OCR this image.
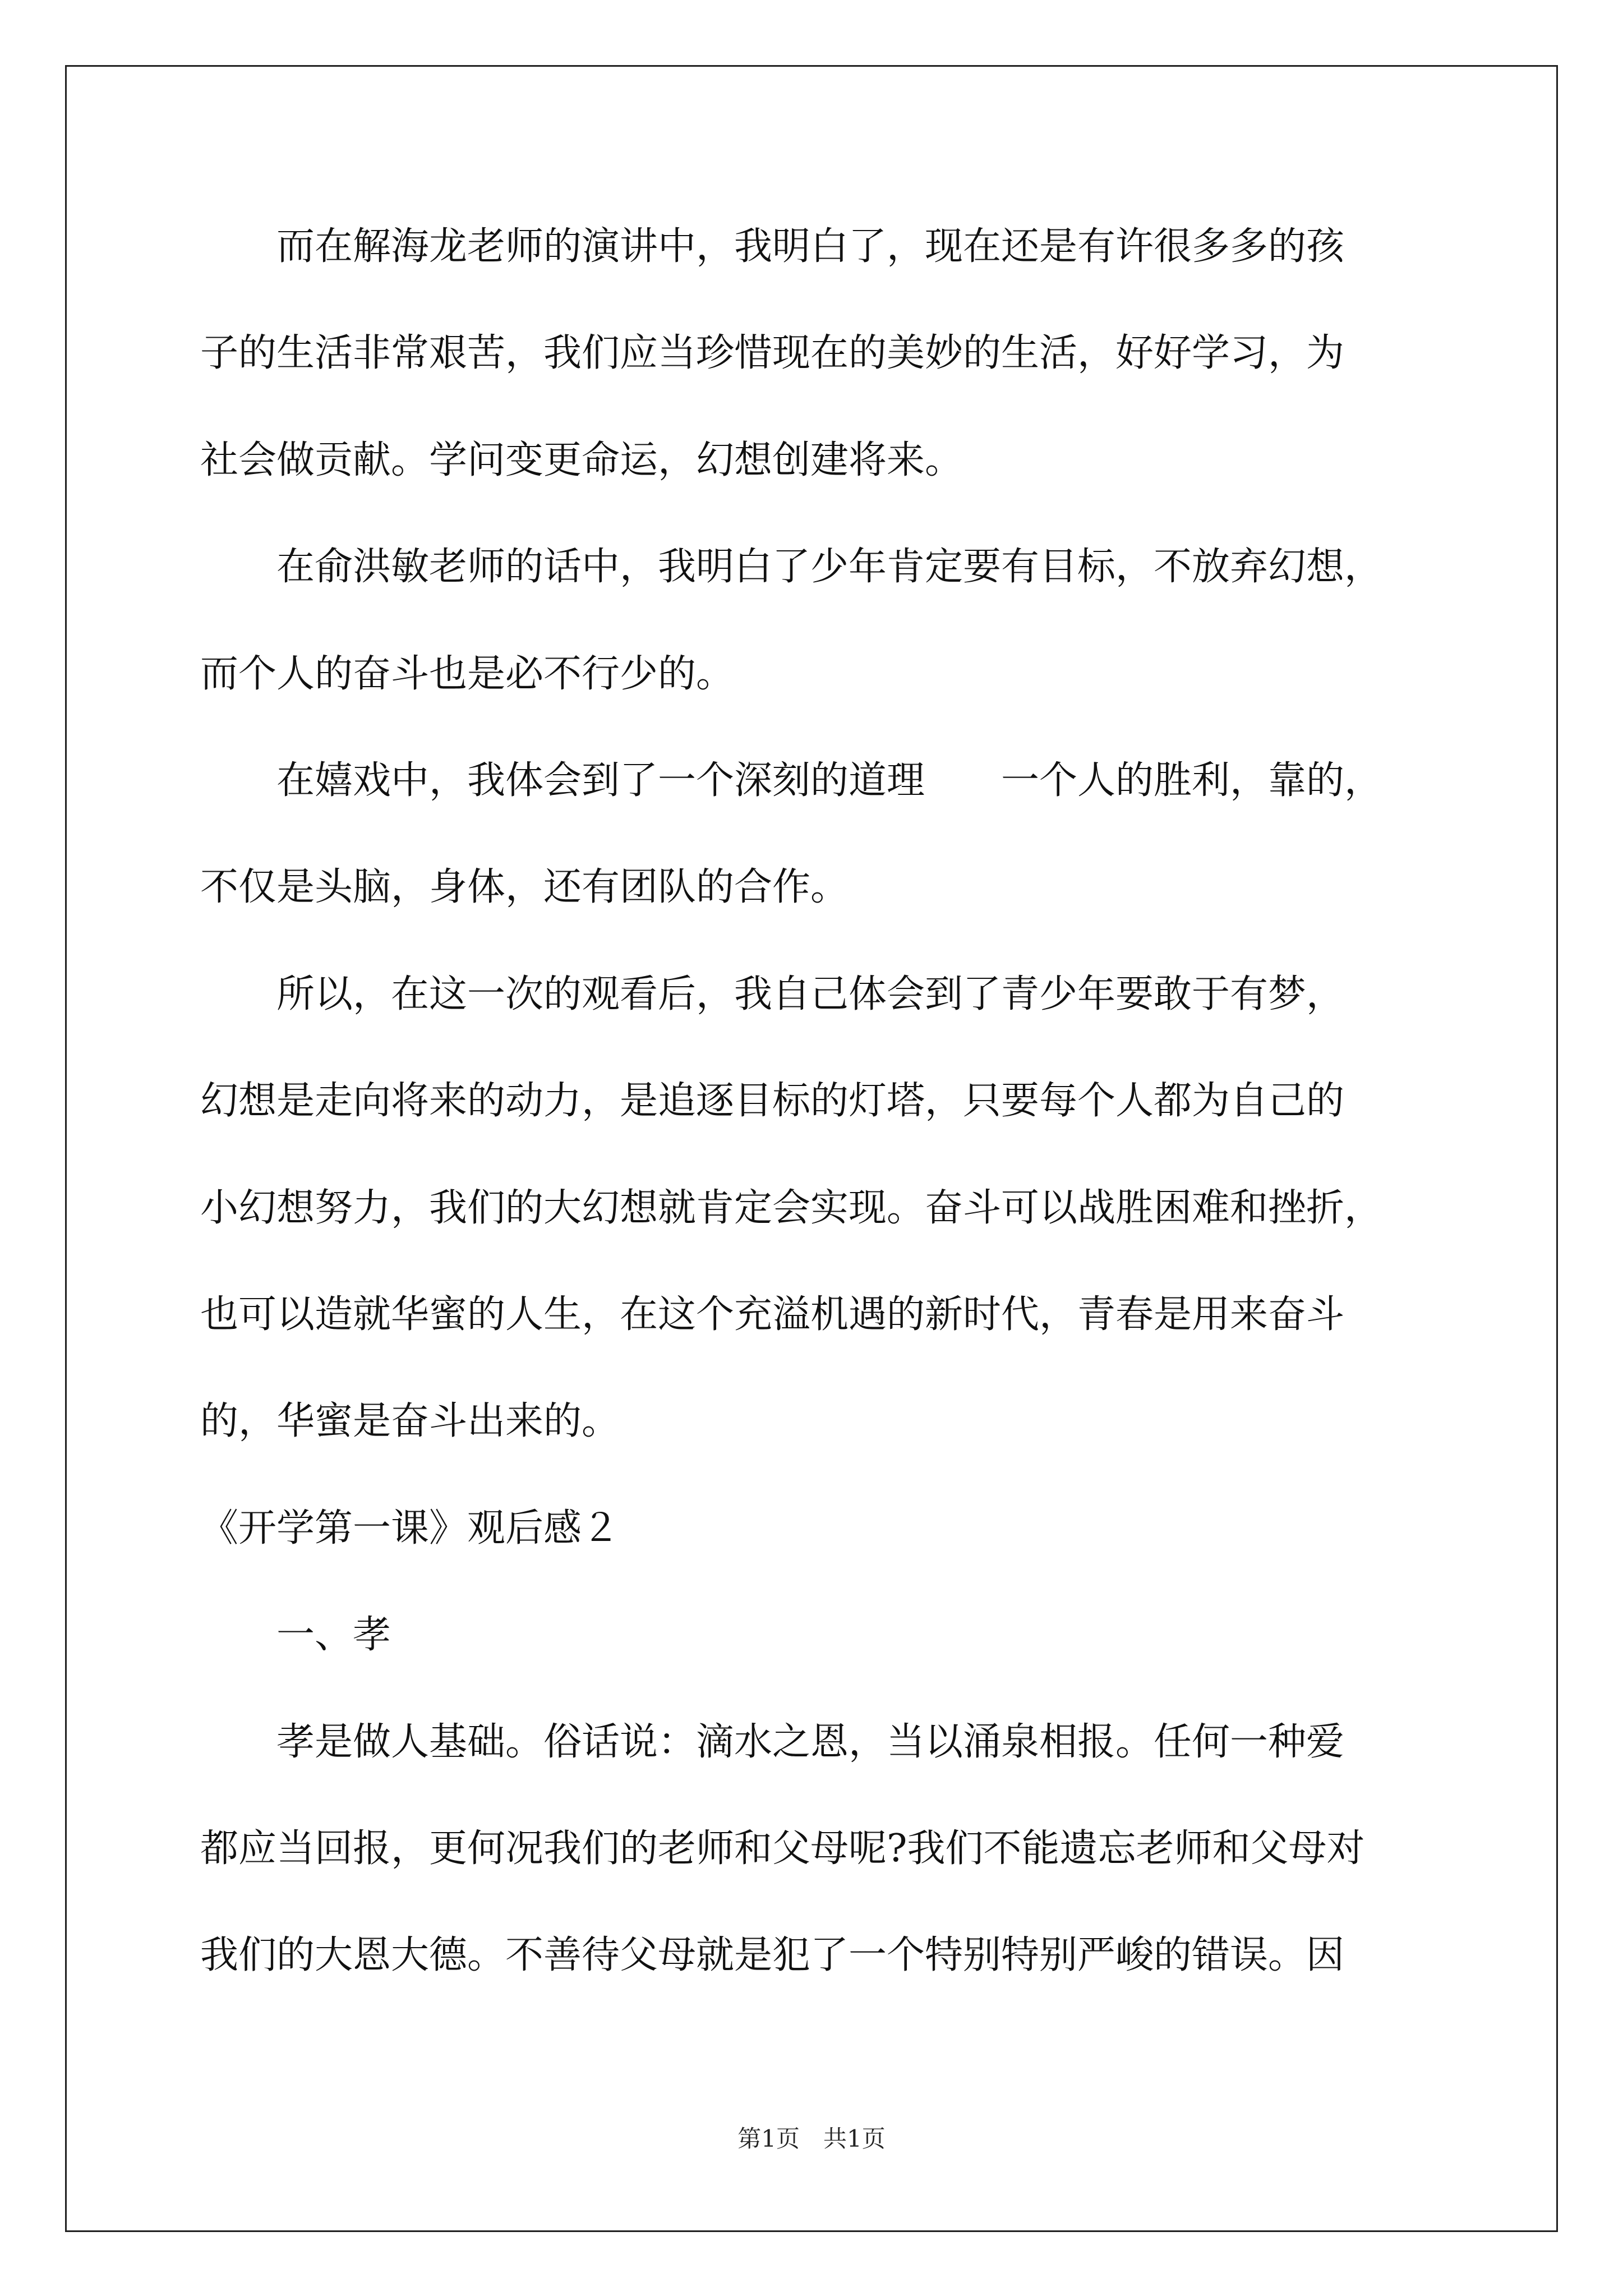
　　而在解海龙老师的演讲中，我明白了，现在还是有许很多多的孩
子的生活非常艰苦，我们应当珍惜现在的美妙的生活，好好学习，为
社会做贡献。学问变更命运，幻想创建将来。
　　在俞洪敏老师的话中，我明白了少年肯定要有目标，不放弃幻想，
而个人的奋斗也是必不行少的。
　　在嬉戏中，我体会到了一个深刻的道理　　一个人的胜利，靠的，
不仅是头脑，身体，还有团队的合作。
　　所以，在这一次的观看后，我自己体会到了青少年要敢于有梦，
幻想是走向将来的动力，是追逐目标的灯塔，只要每个人都为自己的
小幻想努力，我们的大幻想就肯定会实现。奋斗可以战胜困难和挫折，
也可以造就华蜜的人生，在这个充溢机遇的新时代，青春是用来奋斗
的，华蜜是奋斗出来的。
《开学第一课》观后感２
　　一、孝
　　孝是做人基础。俗话说：滴水之恩，当以涌泉相报。任何一种爱
都应当回报，更何况我们的老师和父母呢?我们不能遗忘老师和父母对
我们的大恩大德。不善待父母就是犯了一个特别特别严峻的错误。因
第1页　共1页
